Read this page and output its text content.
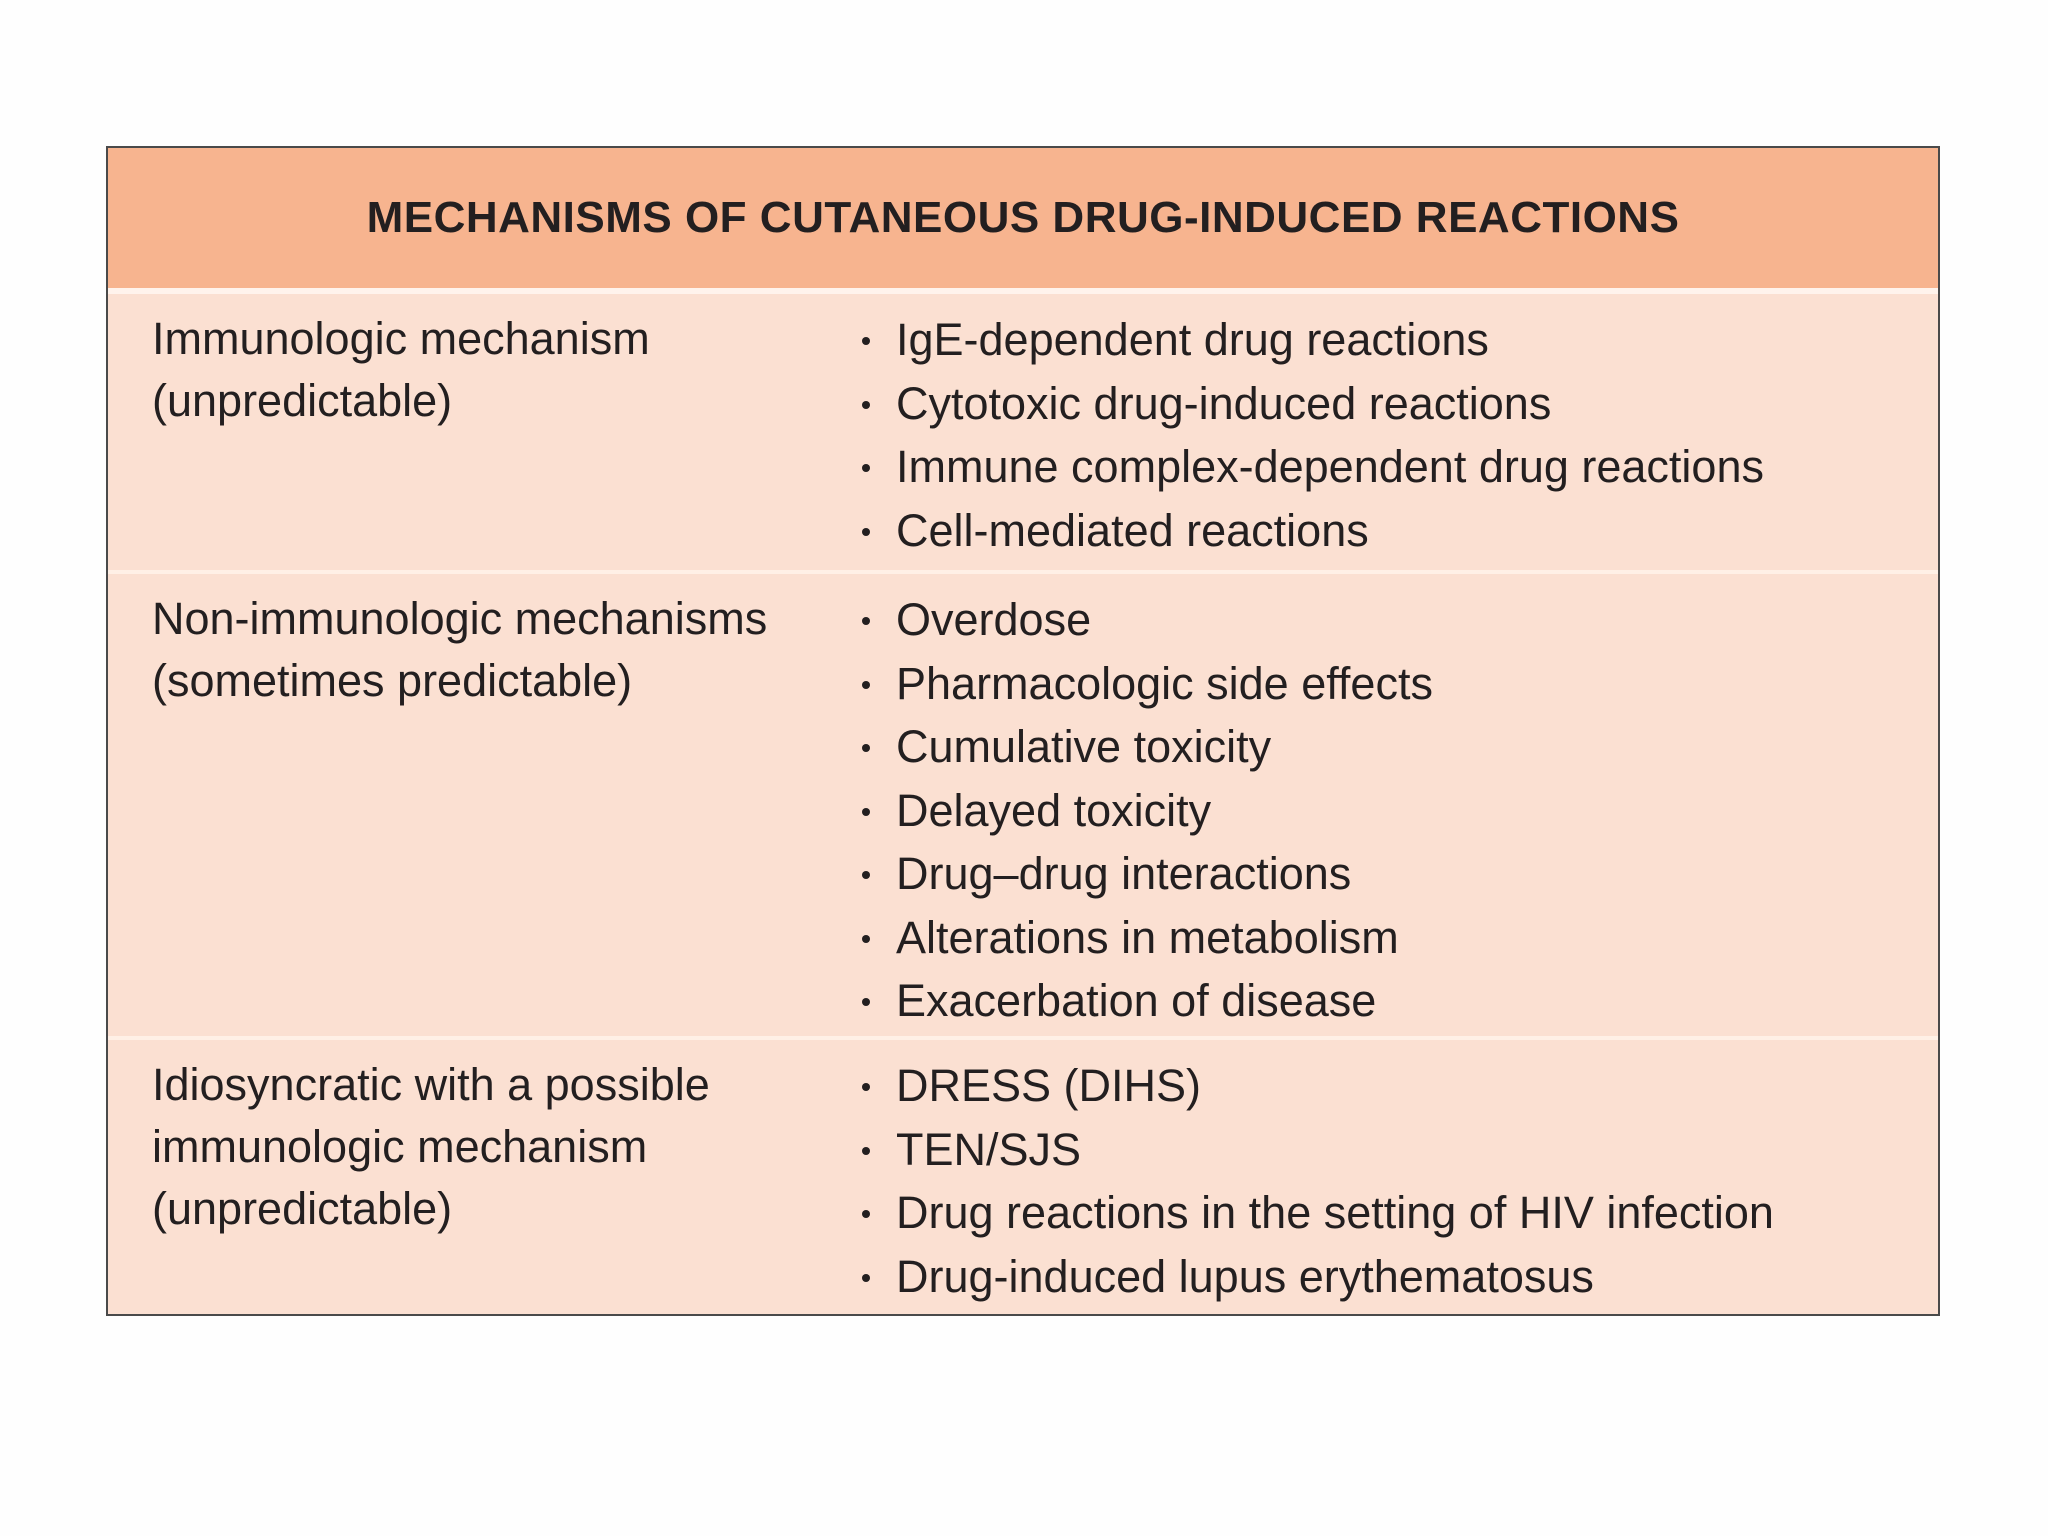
MECHANISMS OF CUTANEOUS DRUG-INDUCED REACTIONS
Immunologic mechanism
(unpredictable)
IgE-dependent drug reactions
Cytotoxic drug-induced reactions
Immune complex-dependent drug reactions
Cell-mediated reactions
Non-immunologic mechanisms
(sometimes predictable)
Overdose
Pharmacologic side effects
Cumulative toxicity
Delayed toxicity
Drug–drug interactions
Alterations in metabolism
Exacerbation of disease
Idiosyncratic with a possible
immunologic mechanism
(unpredictable)
DRESS (DIHS)
TEN/SJS
Drug reactions in the setting of HIV infection
Drug-induced lupus erythematosus
